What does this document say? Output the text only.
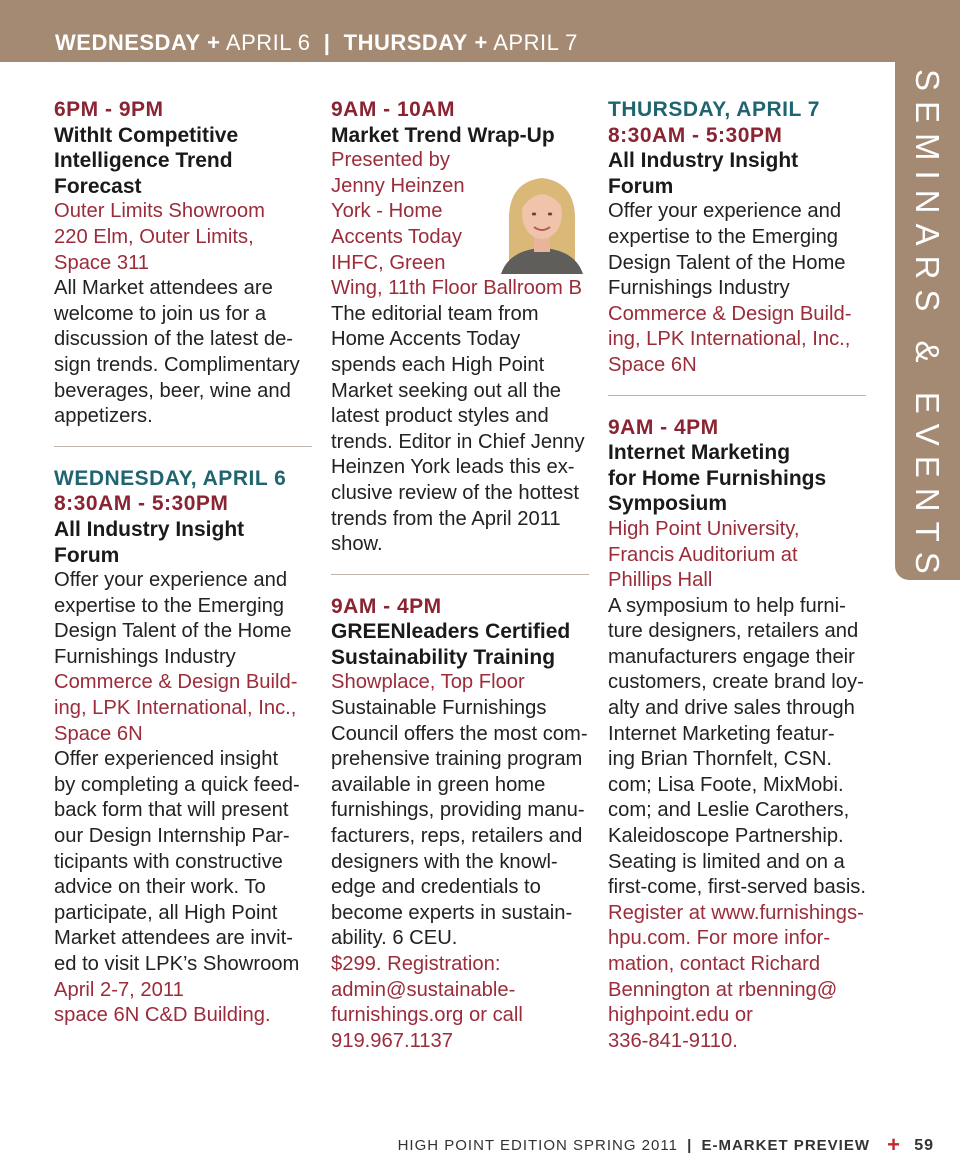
WEDNESDAY + APRIL 6 | THURSDAY + APRIL 7
SEMINARS & EVENTS
6PM - 9PM
WithIt Competitive
Intelligence Trend
Forecast
Outer Limits Showroom
220 Elm, Outer Limits,
Space 311
All Market attendees are
welcome to join us for a
discussion of the latest de-
sign trends. Complimentary
beverages, beer, wine and
appetizers.
WEDNESDAY, APRIL 6
8:30AM - 5:30PM
All Industry Insight
Forum
Offer your experience and
expertise to the Emerging
Design Talent of the Home
Furnishings Industry
Commerce & Design Build-
ing, LPK International, Inc.,
Space 6N
Offer experienced insight
by completing a quick feed-
back form that will present
our Design Internship Par-
ticipants with constructive
advice on their work. To
participate, all High Point
Market attendees are invit-
ed to visit LPK’s Showroom
April 2-7, 2011
space 6N C&D Building.
9AM - 10AM
Market Trend Wrap-Up
Presented by
Jenny Heinzen
York - Home
Accents Today
IHFC, Green
Wing, 11th Floor Ballroom B
The editorial team from
Home Accents Today
spends each High Point
Market seeking out all the
latest product styles and
trends. Editor in Chief Jenny
Heinzen York leads this ex-
clusive review of the hottest
trends from the April 2011
show.
9AM - 4PM
GREENleaders Certified
Sustainability Training
Showplace, Top Floor
Sustainable Furnishings
Council offers the most com-
prehensive training program
available in green home
furnishings, providing manu-
facturers, reps, retailers and
designers with the knowl-
edge and credentials to
become experts in sustain-
ability. 6 CEU.
$299. Registration:
admin@sustainable-
furnishings.org or call
919.967.1137
THURSDAY, APRIL 7
8:30AM - 5:30PM
All Industry Insight
Forum
Offer your experience and
expertise to the Emerging
Design Talent of the Home
Furnishings Industry
Commerce & Design Build-
ing, LPK International, Inc.,
Space 6N
9AM - 4PM
Internet Marketing
for Home Furnishings
Symposium
High Point University,
Francis Auditorium at
Phillips Hall
A symposium to help furni-
ture designers, retailers and
manufacturers engage their
customers, create brand loy-
alty and drive sales through
Internet Marketing featur-
ing Brian Thornfelt, CSN.
com; Lisa Foote, MixMobi.
com; and Leslie Carothers,
Kaleidoscope Partnership.
Seating is limited and on a
first-come, first-served basis.
Register at www.furnishings-
hpu.com. For more infor-
mation, contact Richard
Bennington at rbenning@
highpoint.edu or
336-841-9110.
HIGH POINT EDITION SPRING 2011 | E-MARKET PREVIEW + 59
